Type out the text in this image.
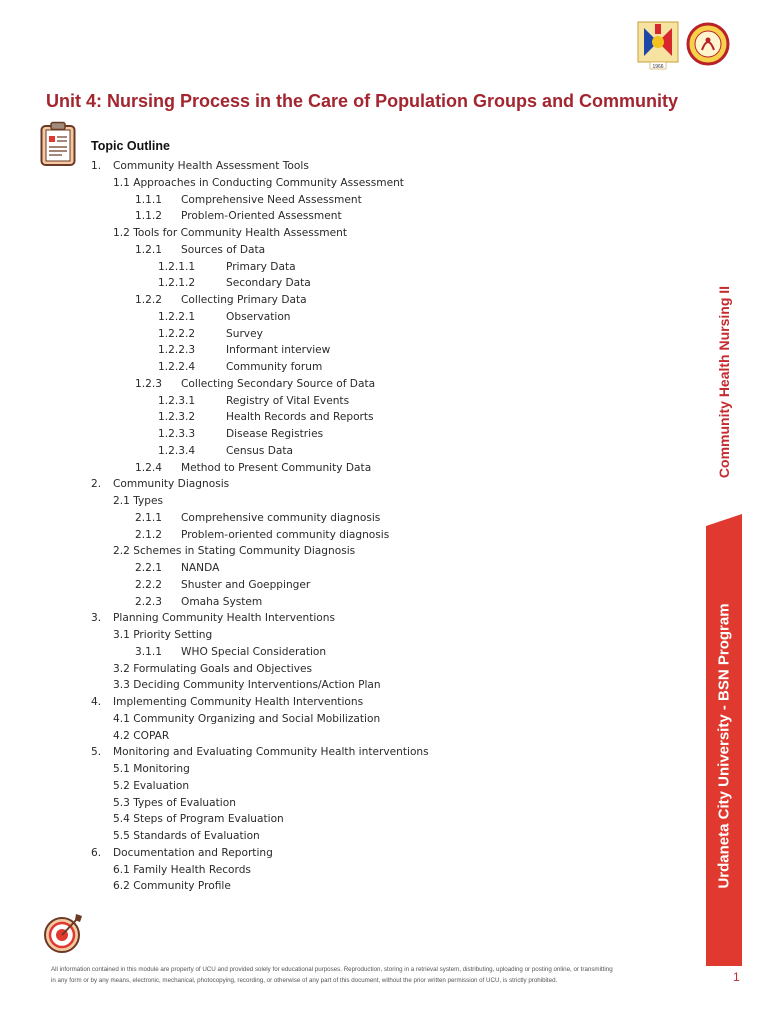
1966
Unit 4: Nursing Process in the Care of Population Groups and Community
Topic Outline
1. Community Health Assessment Tools
1.1 Approaches in Conducting Community Assessment
1.1.1 Comprehensive Need Assessment
1.1.2 Problem-Oriented Assessment
1.2 Tools for Community Health Assessment
1.2.1 Sources of Data
1.2.1.1	Primary Data
1.2.1.2	Secondary Data
1.2.2 Collecting Primary Data
1.2.2.1	Observation
1.2.2.2	Survey
1.2.2.3	Informant interview
1.2.2.4	Community forum
1.2.3 Collecting Secondary Source of Data
1.2.3.1	Registry of Vital Events
1.2.3.2	Health Records and Reports
1.2.3.3	Disease Registries
1.2.3.4	Census Data
1.2.4 Method to Present Community Data
2. Community Diagnosis
2.1 Types
2.1.1 Comprehensive community diagnosis
2.1.2 Problem-oriented community diagnosis
2.2 Schemes in Stating Community Diagnosis
2.2.1 NANDA
2.2.2 Shuster and Goeppinger
2.2.3 Omaha System
3. Planning Community Health Interventions
3.1 Priority Setting
3.1.1 WHO Special Consideration
3.2 Formulating Goals and Objectives
3.3 Deciding Community Interventions/Action Plan
4. Implementing Community Health Interventions
4.1 Community Organizing and Social Mobilization
4.2 COPAR
5. Monitoring and Evaluating Community Health interventions
5.1 Monitoring
5.2 Evaluation
5.3 Types of Evaluation
5.4 Steps of Program Evaluation
5.5 Standards of Evaluation
6. Documentation and Reporting
6.1 Family Health Records
6.2 Community Profile
Community Health Nursing II
Urdaneta City University - BSN Program
All information contained in this module are property of UCU and provided solely for educational purposes. Reproduction, storing in a retrieval system, distributing, uploading or posting online, or transmitting
in any form or by any means, electronic, mechanical, photocopying, recording, or otherwise of any part of this document, without the prior written permission of UCU, is strictly prohibited.	1
